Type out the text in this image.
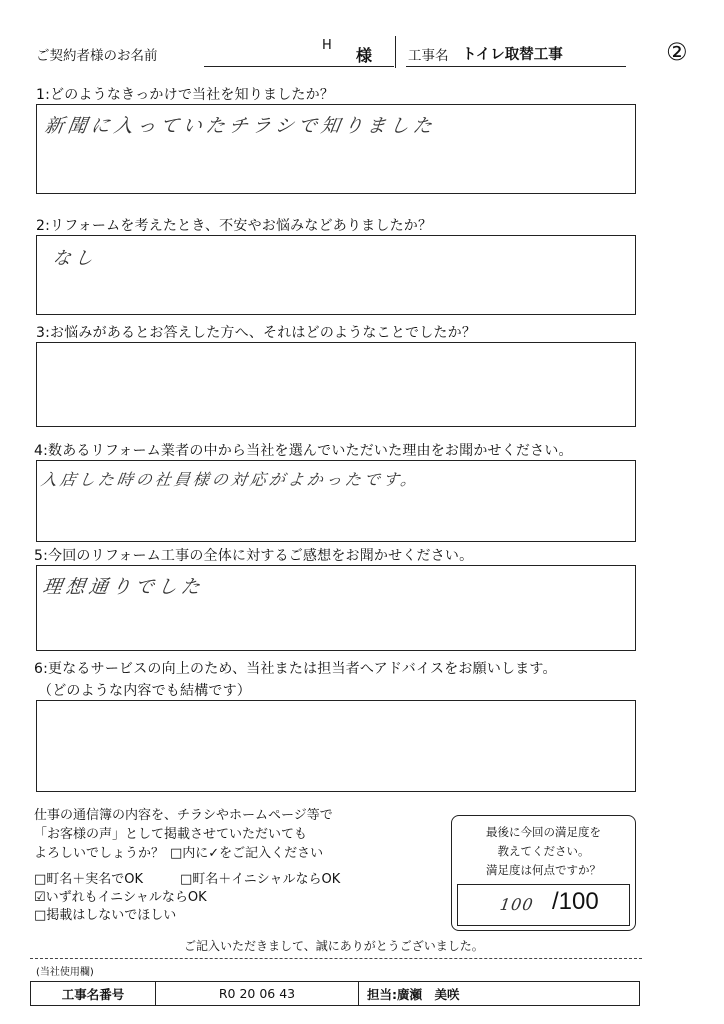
ご契約者様のお名前
H
様	工事名 トイレ取替工事	②
1:どのようなきっかけで当社を知りましたか？
新聞に入っていたチラシで知りました
2:リフォームを考えたとき、不安やお悩みなどありましたか？
なし
3:お悩みがあるとお答えした方へ、それはどのようなことでしたか？
4:数あるリフォーム業者の中から当社を選んでいただいた理由をお聞かせください。
入店した時の社員様の対応がよかったです。
5:今回のリフォーム工事の全体に対するご感想をお聞かせください。
理想通りでした
6:更なるサービスの向上のため、当社または担当者へアドバイスをお願いします。
（どのような内容でも結構です）
仕事の通信簿の内容を、チラシやホームページ等で
「お客様の声」として掲載させていただいても
よろしいでしょうか？ □内に✓をご記入ください
□町名＋実名でOK	□町名＋イニシャルならOK
☑いずれもイニシャルならOK
□掲載はしないでほしい
最後に今回の満足度を
教えてください。
満足度は何点ですか？
100 /100
ご記入いただきまして、誠にありがとうございました。
(当社使用欄)
工事名番号	R0 20 06 43	担当: 廣瀬　美咲
